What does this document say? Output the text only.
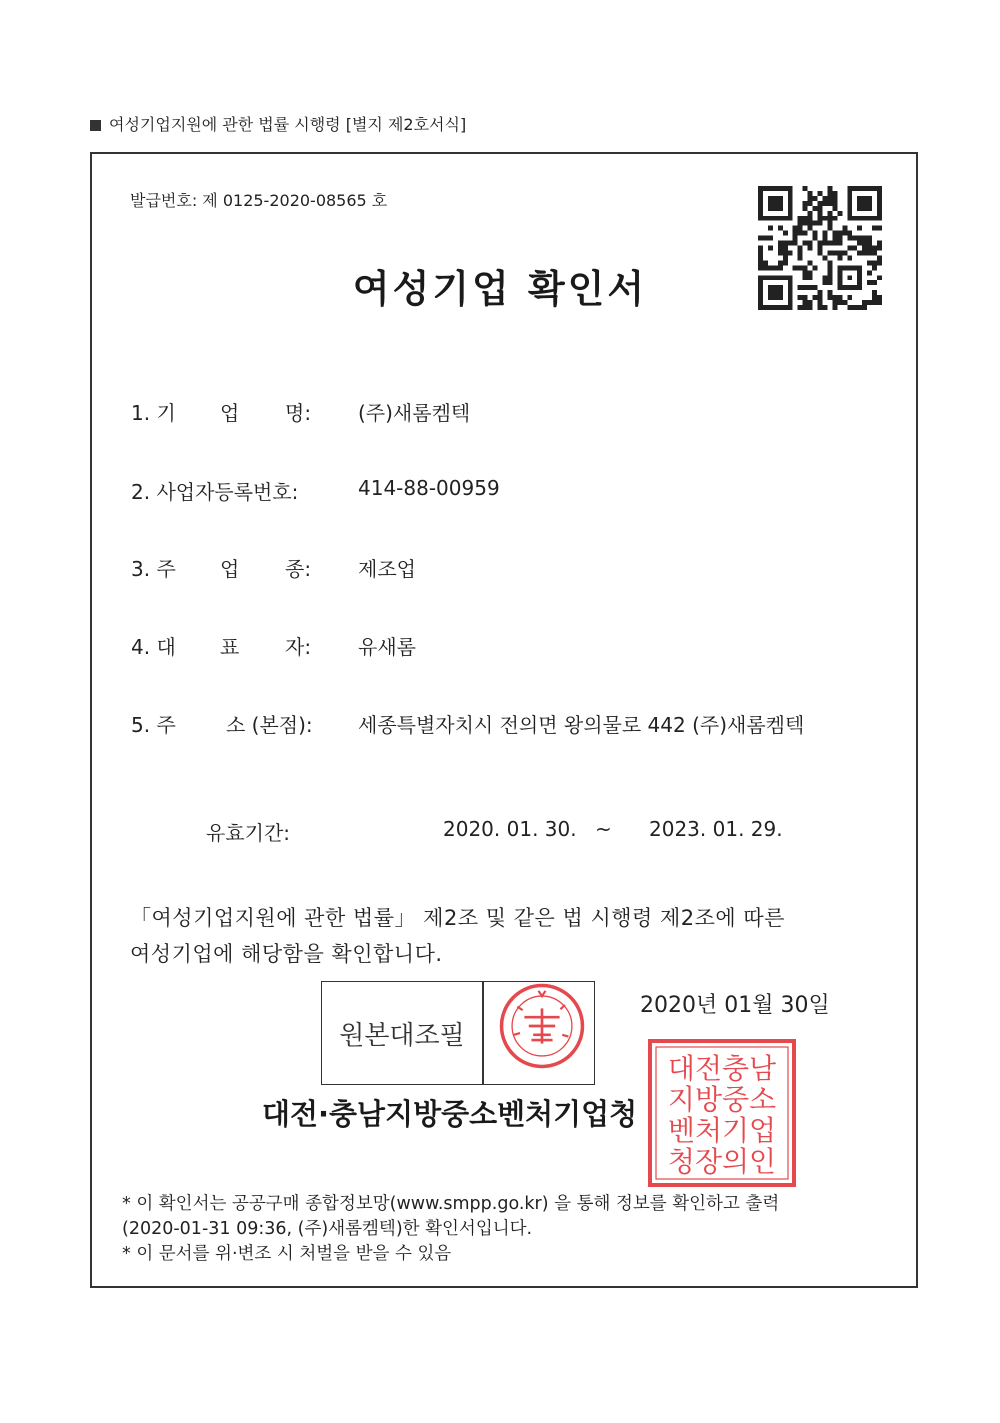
여성기업지원에 관한 법률 시행령 [별지 제2호서식]
발급번호: 제 0125-2020-08565 호
여성기업 확인서
1. 기 업 명: (주)새롬켐텍
2. 사업자등록번호:	414-88-00959
3. 주 업 종: 제조업
4. 대 표 자: 유새롬
5. 주	소 (본점): 세종특별자치시 전의면 왕의물로 442 (주)새롬켐텍
유효기간:	2020. 01. 30. ~ 2023. 01. 29.
「여성기업지원에 관한 법률」 제2조 및 같은 법 시행령 제2조에 따른
여성기업에 해당함을 확인합니다.
원본대조필
2020년 01월 30일
대전·충남지방중소벤처기업청
대전충남
지방중소
벤처기업
청장의인
* 이 확인서는 공공구매 종합정보망(www.smpp.go.kr) 을 통해 정보를 확인하고 출력
(2020-01-31 09:36, (주)새롬켐텍)한 확인서입니다.
* 이 문서를 위·변조 시 처벌을 받을 수 있음
